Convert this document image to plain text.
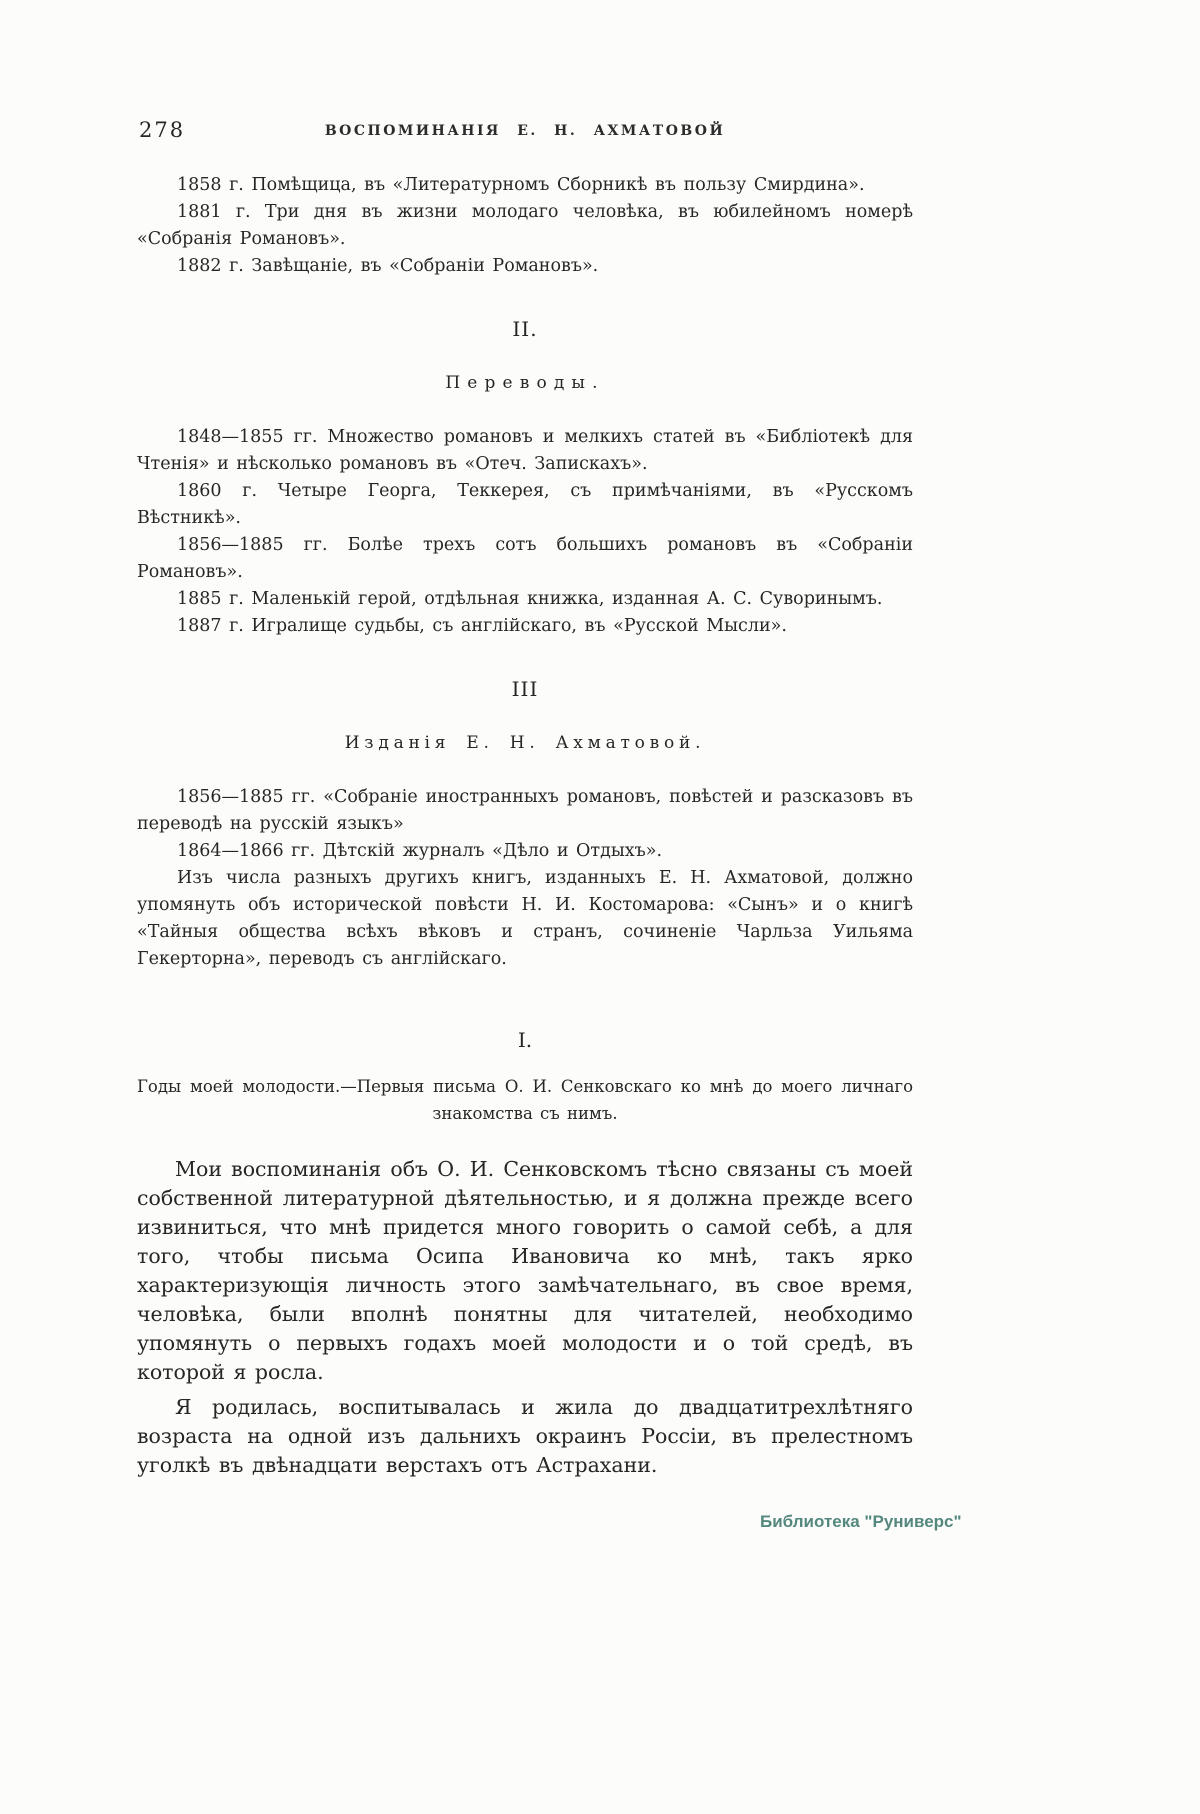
278	ВОСПОМИНАНІЯ Е. Н. АХМАТОВОЙ

1858 г. Помѣщица, въ «Литературномъ Сборникѣ въ пользу Смирдина».

1881 г. Три дня въ жизни молодаго человѣка, въ юбилейномъ номерѣ «Собранія Романовъ».

1882 г. Завѣщаніе, въ «Собраніи Романовъ».

II.
Переводы.

1848—1855 гг. Множество романовъ и мелкихъ статей въ «Библіотекѣ для Чтенія» и нѣсколько романовъ въ «Отеч. Запискахъ».

1860 г. Четыре Георга, Теккерея, съ примѣчаніями, въ «Русскомъ Вѣстникѣ».

1856—1885 гг. Болѣе трехъ сотъ большихъ романовъ въ «Собраніи Романовъ».

1885 г. Маленькій герой, отдѣльная книжка, изданная А. С. Суворинымъ.

1887 г. Игралище судьбы, съ англійскаго, въ «Русской Мысли».

III
Изданія Е. Н. Ахматовой.

1856—1885 гг. «Собраніе иностранныхъ романовъ, повѣстей и разсказовъ въ переводѣ на русскій языкъ»

1864—1866 гг. Дѣтскій журналъ «Дѣло и Отдыхъ».

Изъ числа разныхъ другихъ книгъ, изданныхъ Е. Н. Ахматовой, должно упомянуть объ исторической повѣсти Н. И. Костомарова: «Сынъ» и о книгѣ «Тайныя общества всѣхъ вѣковъ и странъ, сочиненіе Чарльза Уильяма Гекерторна», переводъ съ англійскаго.

I.
Годы моей молодости.—Первыя письма О. И. Сенковскаго ко мнѣ до моего личнаго знакомства съ нимъ.

Мои воспоминанія объ О. И. Сенковскомъ тѣсно связаны съ моей собственной литературной дѣятельностью, и я должна прежде всего извиниться, что мнѣ придется много говорить о самой себѣ, а для того, чтобы письма Осипа Ивановича ко мнѣ, такъ ярко характеризующія личность этого замѣчательнаго, въ свое время, человѣка, были вполнѣ понятны для читателей, необходимо упомянуть о первыхъ годахъ моей молодости и о той средѣ, въ которой я росла.

Я родилась, воспитывалась и жила до двадцатитрехлѣтняго возраста на одной изъ дальнихъ окраинъ Россіи, въ прелестномъ уголкѣ въ двѣнадцати верстахъ отъ Астрахани.

Библиотека "Руниверс"
